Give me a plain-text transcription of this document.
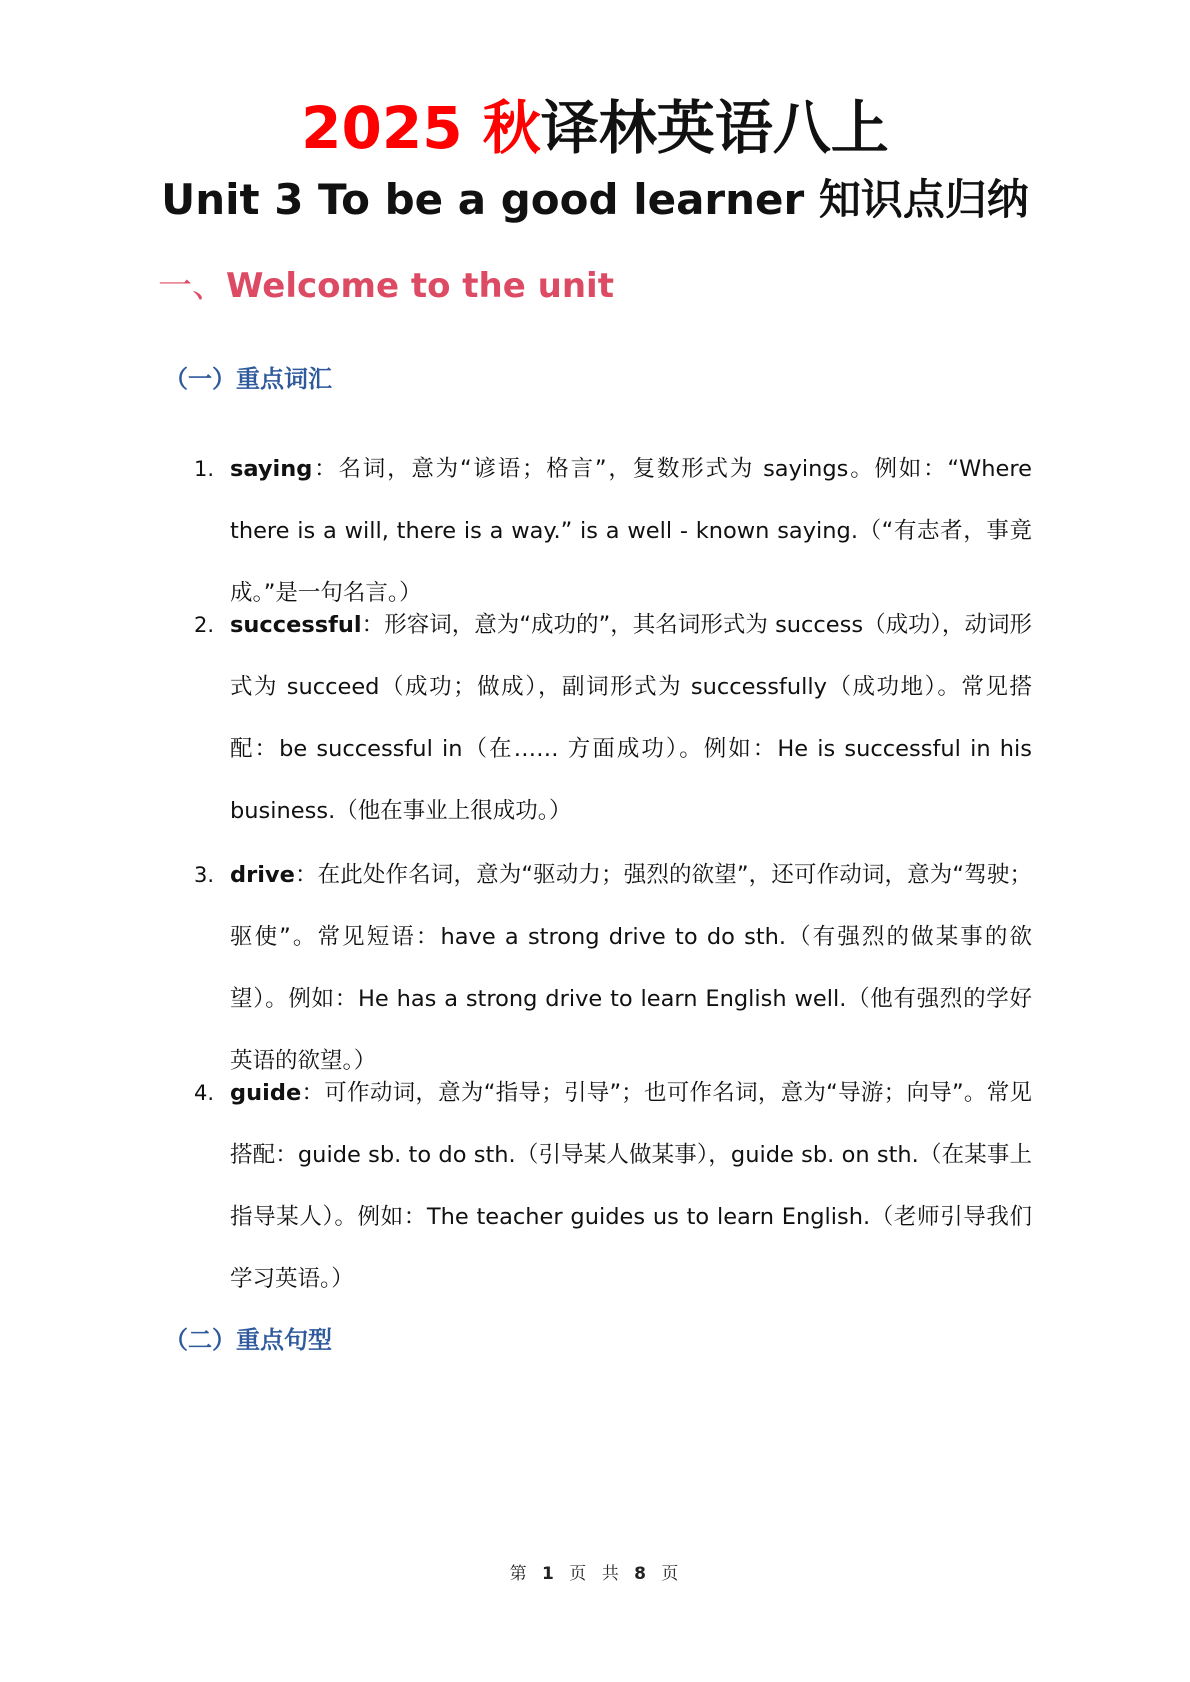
2025 秋译林英语八上
Unit 3 To be a good learner 知识点归纳
一、Welcome to the unit
（一）重点词汇
1. saying：名词，意为“谚语；格言”，复数形式为 sayings。例如：“Where there is a will, there is a way.” is a well - known saying.（“有志者，事竟成。”是一句名言。）
2. successful：形容词，意为“成功的”，其名词形式为 success（成功），动词形式为 succeed（成功；做成），副词形式为 successfully（成功地）。常见搭配：be successful in（在…… 方面成功）。例如：He is successful in his business.（他在事业上很成功。）
3. drive：在此处作名词，意为“驱动力；强烈的欲望”，还可作动词，意为“驾驶；驱使”。常见短语：have a strong drive to do sth.（有强烈的做某事的欲望）。例如：He has a strong drive to learn English well.（他有强烈的学好英语的欲望。）
4. guide：可作动词，意为“指导；引导”；也可作名词，意为“导游；向导”。常见搭配：guide sb. to do sth.（引导某人做某事），guide sb. on sth.（在某事上指导某人）。例如：The teacher guides us to learn English.（老师引导我们学习英语。）
（二）重点句型
第 1 页 共 8 页
